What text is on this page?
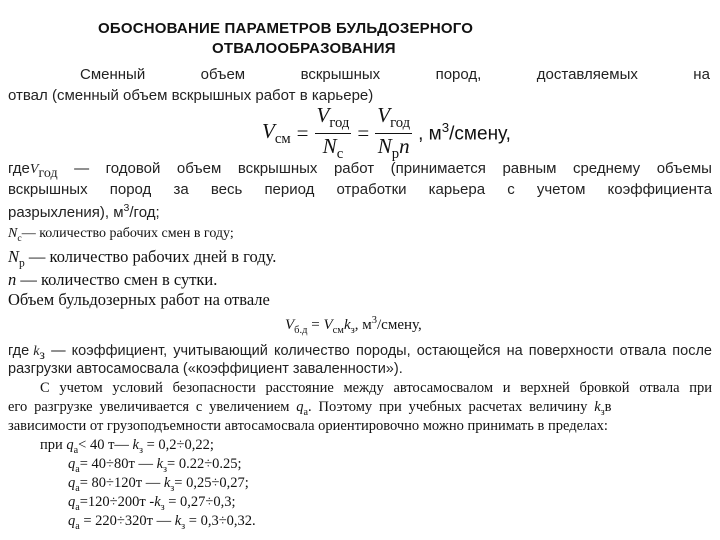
ОБОСНОВАНИЕ ПАРАМЕТРОВ БУЛЬДОЗЕРНОГО
ОТВАЛООБРАЗОВАНИЯ
Сменный	объем	вскрышных	пород,	доставляемых	на
отвал (сменный объем вскрышных работ в карьере)
$V_{см} = \frac{V_{год}}{N_c} = \frac{V_{год}}{N_pn}$ , $м^3$/смену,
гдеV$_{год}$ — годовой объем вскрышных работ (принимается равным среднему объемы
вскрышных пород за весь период отработки карьера с учетом коэффициента
разрыхления), $м^3$/год;
$N_c—$ количество рабочих смен в году;
$N_p$ — количество рабочих дней в году.
n — количество смен в сутки.
Объем бульдозерных работ на отвале
$V_{б.д} = V_{см}k_з$, $м^3$/смену,
где $k_з$ — коэффициент, учитывающий количество породы, остающейся на поверхности отвала после
разгрузки автосамосвала («коэффициент заваленности»).
С учетом условий безопасности расстояние между автосамосвалом и верхней бровкой отвала при
его разгрузке увеличивается с увеличением $q_а$. Поэтому при учебных расчетах величину $k_зв$
зависимости от грузоподъемности автосамосвала ориентировочно можно принимать в пределах:
при $q_а< 40$ т— $k_з = 0,2\div 0,22$;
$q_а= 40\div 80т$ — $k_з= 0.22\div 0.25$;
$q_а= 80\div 120т$ — $k_з= 0,25\div 0,27$;
$q_а=120\div 200т$ $-k_з = 0,27\div 0,3$;
$q_а = 220\div 320т$ — $k_з = 0,3\div 0,32$.
